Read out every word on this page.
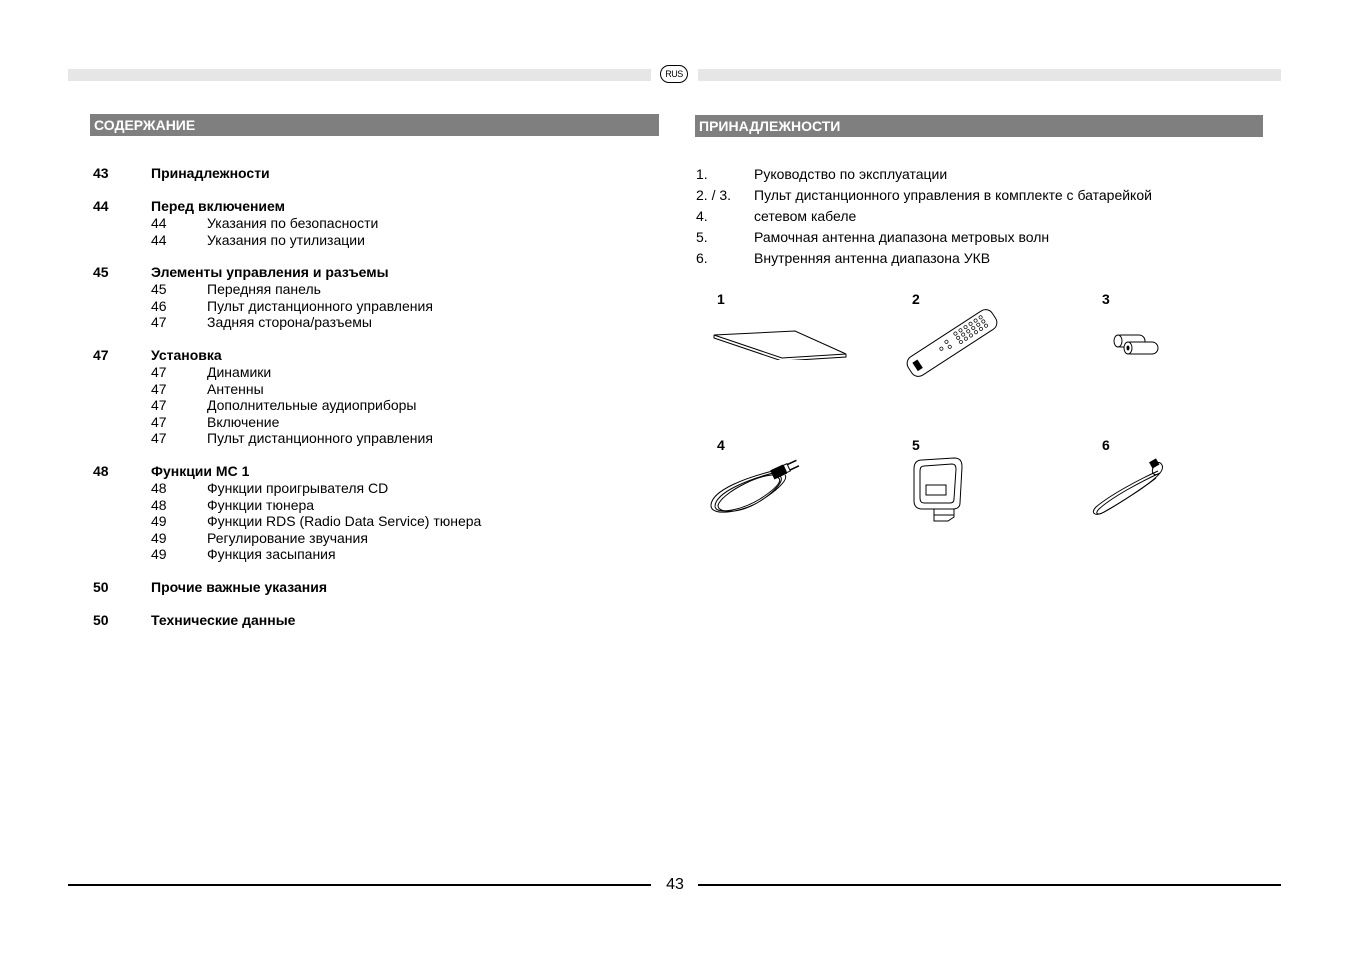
RUS
СОДЕРЖАНИЕ
43	Принадлежности
44	Перед включением
44	Указания по безопасности
44	Указания по утилизации
45	Элементы управления и разъемы
45	Передняя панель
46	Пульт дистанционного управления
47	Задняя сторона/разъемы
47	Установка
47	Динамики
47	Антенны
47	Дополнительные аудиоприборы
47	Включение
47	Пульт дистанционного управления
48	Функции MC 1
48	Функции проигрывателя CD
48	Функции тюнера
49	Функции RDS (Radio Data Service) тюнера
49	Регулирование звучания
49	Функция засыпания
50	Прочие важные указания
50	Технические данные
ПРИНАДЛЕЖНОСТИ
1.	Руководство по эксплуатации
2. / 3.	Пульт дистанционного управления в комплекте с батарейкой
4.	сетевом кабеле
5.	Рамочная антенна диапазона метровых волн
6.	Внутренняя антенна диапазона УКВ
1	2	3
4	5	6
43
